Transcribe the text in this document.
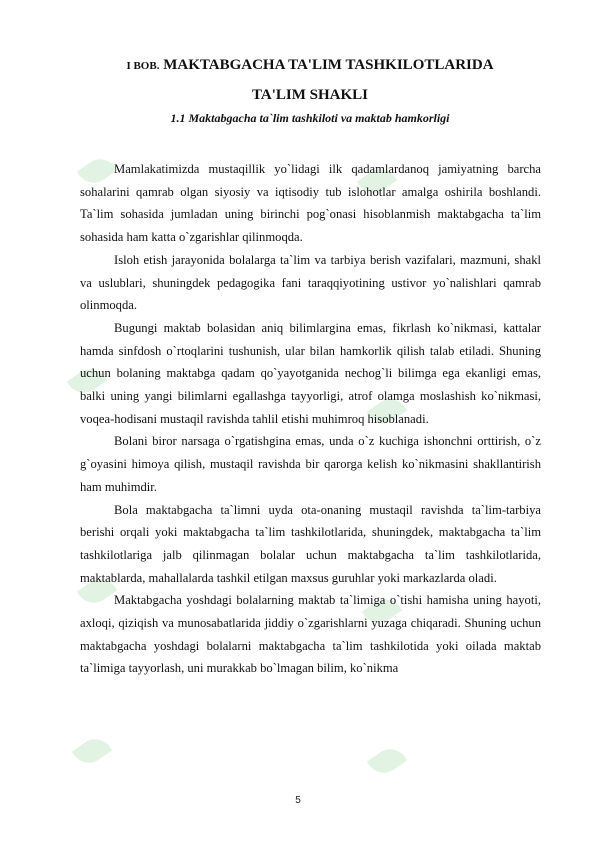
I BOB. MAKTABGACHA TA'LIM TASHKILOTLARIDA
TA'LIM SHAKLI
1.1 Maktabgacha ta`lim tashkiloti va maktab hamkorligi

Mamlakatimizda mustaqillik yo`lidagi ilk qadamlardanoq jamiyatning barcha sohalarini qamrab olgan siyosiy va iqtisodiy tub islohotlar amalga oshirila boshlandi. Ta`lim sohasida jumladan uning birinchi pog`onasi hisoblanmish maktabgacha ta`lim sohasida ham katta o`zgarishlar qilinmoqda.

Isloh etish jarayonida bolalarga ta`lim va tarbiya berish vazifalari, mazmuni, shakl va uslublari, shuningdek pedagogika fani taraqqiyotining ustivor yo`nalishlari qamrab olinmoqda.

Bugungi maktab bolasidan aniq bilimlargina emas, fikrlash ko`nikmasi, kattalar hamda sinfdosh o`rtoqlarini tushunish, ular bilan hamkorlik qilish talab etiladi. Shuning uchun bolaning maktabga qadam qo`yayotganida nechog`li bilimga ega ekanligi emas, balki uning yangi bilimlarni egallashga tayyorligi, atrof olamga moslashish ko`nikmasi, voqea-hodisani mustaqil ravishda tahlil etishi muhimroq hisoblanadi.

Bolani biror narsaga o`rgatishgina emas, unda o`z kuchiga ishonchni orttirish, o`z g`oyasini himoya qilish, mustaqil ravishda bir qarorga kelish ko`nikmasini shakllantirish ham muhimdir.

Bola maktabgacha ta`limni uyda ota-onaning mustaqil ravishda ta`lim-tarbiya berishi orqali yoki maktabgacha ta`lim tashkilotlarida, shuningdek, maktabgacha ta`lim tashkilotlariga jalb qilinmagan bolalar uchun maktabgacha ta`lim tashkilotlarida, maktablarda, mahallalarda tashkil etilgan maxsus guruhlar yoki markazlarda oladi.

Maktabgacha yoshdagi bolalarning maktab ta`limiga o`tishi hamisha uning hayoti, axloqi, qiziqish va munosabatlarida jiddiy o`zgarishlarni yuzaga chiqaradi. Shuning uchun maktabgacha yoshdagi bolalarni maktabgacha ta`lim tashkilotida yoki oilada maktab ta`limiga tayyorlash, uni murakkab bo`lmagan bilim, ko`nikma

5
